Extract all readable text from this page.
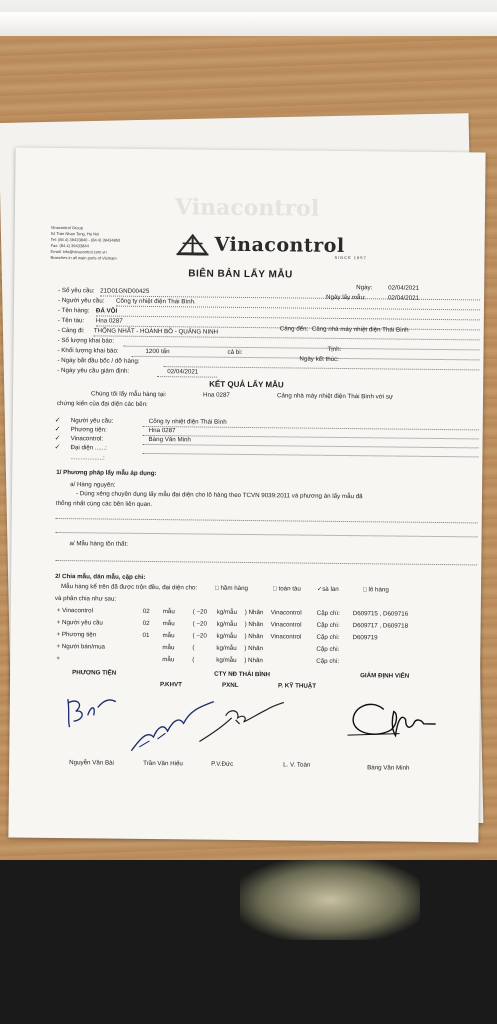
Vinacontrol
Vinacontrol Group
54 Tran Nhan Tong, Ha Noi
Tel: (84.4) 39433840 - (84.4) 39434850
Fax: (84.4) 39433844
Email: info@vinacontrol.com.vn
Branches in all main ports of Vietnam
Vinacontrol
SINCE 1957
BIÊN BẢN LẤY MẪU
- Số yêu cầu: 21D01GND00425	Ngày:	02/04/2021
- Người yêu cầu: Công ty nhiệt điện Thái Bình.
Ngày lấy mẫu:	02/04/2021
- Tên hàng: ĐÁ VÔI
- Tên tàu: Hna 0287
- Cảng đi: THỐNG NHẤT - HOÀNH BỒ - QUẢNG NINH	Cảng đến: Cảng nhà máy nhiệt điện Thái Bình
- Số lượng khai báo:
- Khối lượng khai báo:	1200 tấn	cả bì:	Tịnh:
- Ngày bắt đầu bốc / dỡ hàng:	Ngày kết thúc:
- Ngày yêu cầu giám định:	02/04/2021
KẾT QUẢ LẤY MẪU
Chúng tôi lấy mẫu hàng tại:	Hna 0287	Cảng nhà máy nhiệt điện Thái Bình với sự
chứng kiến của đại diện các bên:
✓ Người yêu cầu:	Công ty nhiệt điện Thái Bình
✓ Phương tiện:	Hna 0287
✓ Vinacontrol:	Bàng Văn Minh
✓ Đại diện ......:
...................:
1/ Phương pháp lấy mẫu áp dụng:
a/ Hàng nguyên:
- Dùng xẻng chuyên dụng lấy mẫu đại diện cho lô hàng theo TCVN 9039:2011 và phương án lấy mẫu đã
thống nhất cùng các bên liên quan.
a/ Mẫu hàng tồn thất:
2/ Chia mẫu, dán mẫu, cặp chì:
Mẫu hàng kể trên đã được trộn đều, đại diện cho:	□ hầm hàng	□ toàn tàu	✓sà lan	□ lô hàng
và phân chia như sau:
+ Vinacontrol	02 mẫu	( ~20 kg/mẫu ) Nhãn Vinacontrol Cặp chì: D609715 , D609716
+ Người yêu cầu	02 mẫu	( ~20 kg/mẫu ) Nhãn Vinacontrol Cặp chì: D609717 , D609718
+ Phương tiện	01 mẫu	( ~20 kg/mẫu ) Nhãn Vinacontrol Cặp chì: D609719
+ Người bán/mua	mẫu	(	kg/mẫu ) Nhãn	Cặp chì:
+	mẫu	(	kg/mẫu ) Nhãn	Cặp chì:
PHƯƠNG TIỆN	CTY NĐ THÁI BÌNH
P.KHVT	PXNL	P. KỸ THUẬT
GIÁM ĐỊNH VIÊN
Nguyễn Văn Bài	Trần Văn Hiếu	P.V.Đức	L. V. Toàn	Bàng Văn Minh
